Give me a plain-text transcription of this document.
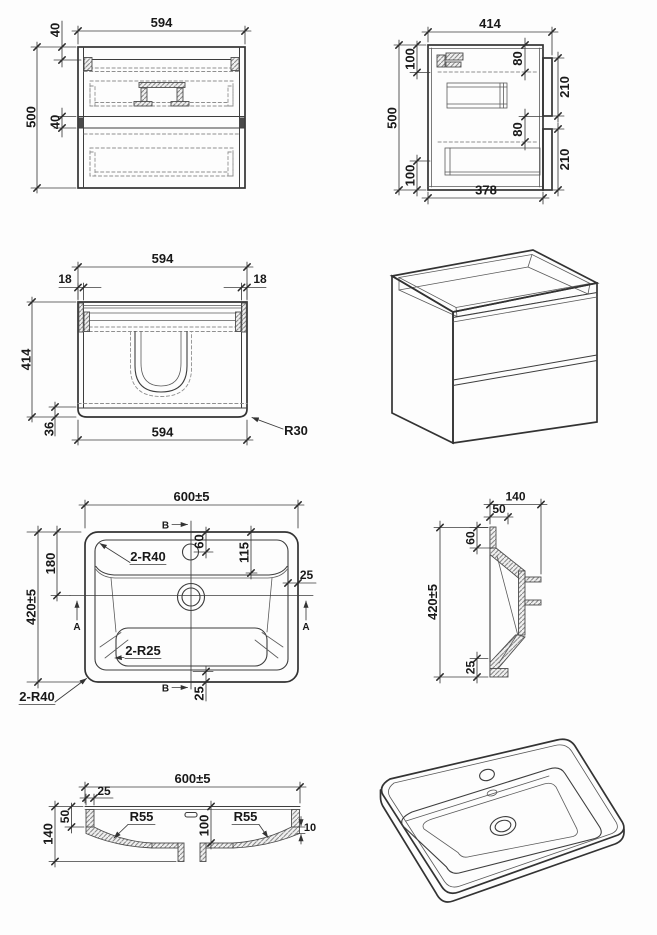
594
40
500 40
414
500
100
100
80
80
210
210
378
594
18	18
414
36	594	R30
A	A
B
B
600±5
420±5
180
60
115
25
25
2-R40
2-R25
2-R40
140
50
60
420±5
25
600±5
25
50
140	100
R55	R55
10
